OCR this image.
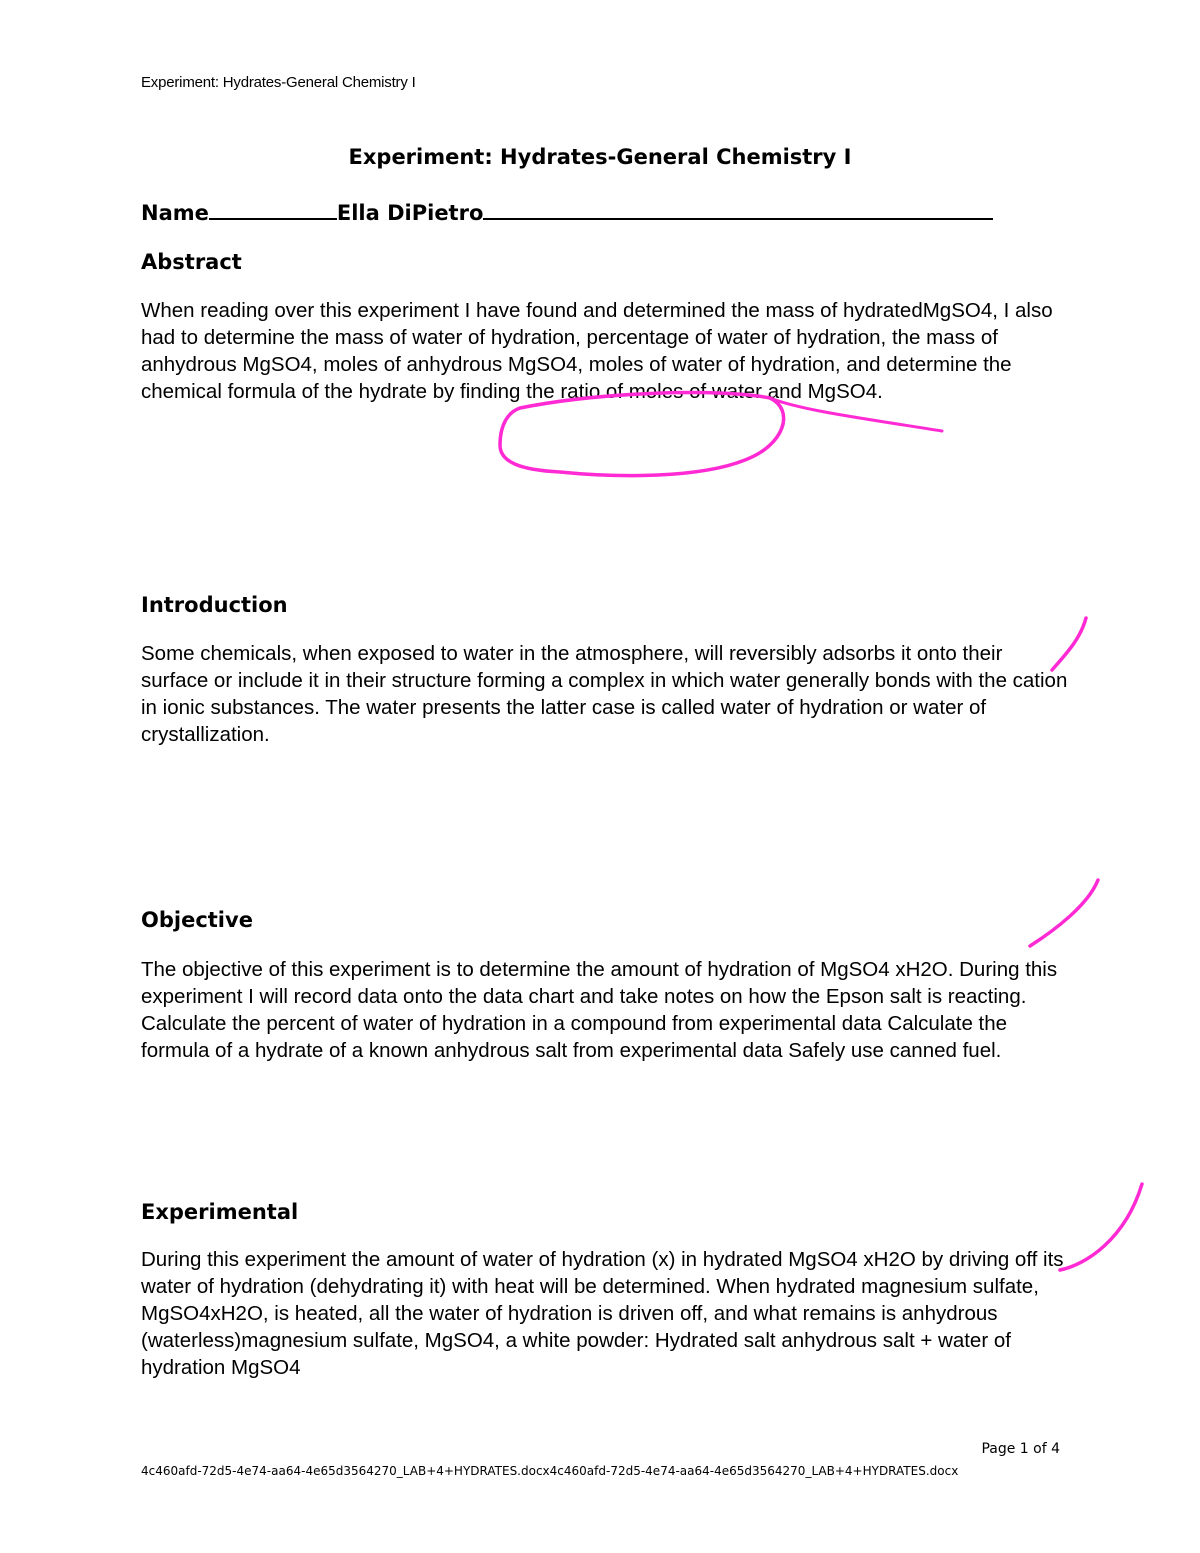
Experiment: Hydrates-General Chemistry I
Experiment: Hydrates-General Chemistry I
Name	Ella DiPietro
Abstract
When reading over this experiment I have found and determined the mass of hydratedMgSO4, I also had to determine the mass of water of hydration, percentage of water of hydration, the mass of anhydrous MgSO4, moles of anhydrous MgSO4, moles of water of hydration, and determine the chemical formula of the hydrate by finding the ratio of moles of water and MgSO4.
Introduction
Some chemicals, when exposed to water in the atmosphere, will reversibly adsorbs it onto their surface or include it in their structure forming a complex in which water generally bonds with the cation in ionic substances. The water presents the latter case is called water of hydration or water of crystallization.
Objective
The objective of this experiment is to determine the amount of hydration of MgSO4 xH2O. During this experiment I will record data onto the data chart and take notes on how the Epson salt is reacting. Calculate the percent of water of hydration in a compound from experimental data Calculate the formula of a hydrate of a known anhydrous salt from experimental data Safely use canned fuel.
Experimental
During this experiment the amount of water of hydration (x) in hydrated MgSO4 xH2O by driving off its water of hydration (dehydrating it) with heat will be determined. When hydrated magnesium sulfate, MgSO4xH2O, is heated, all the water of hydration is driven off, and what remains is anhydrous (waterless)magnesium sulfate, MgSO4, a white powder: Hydrated salt anhydrous salt + water of hydration MgSO4
Page 1 of 4
4c460afd-72d5-4e74-aa64-4e65d3564270_LAB+4+HYDRATES.docx4c460afd-72d5-4e74-aa64-4e65d3564270_LAB+4+HYDRATES.docx
